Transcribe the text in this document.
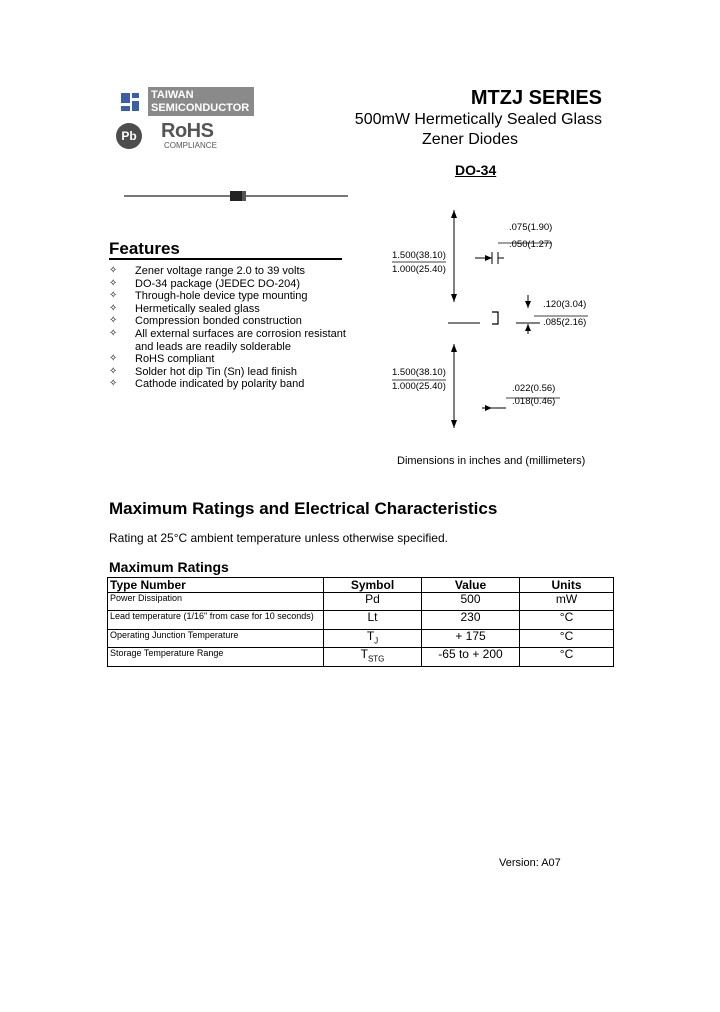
TAIWAN
SEMICONDUCTOR
Pb RoHS
COMPLIANCE
MTZJ SERIES
500mW Hermetically Sealed Glass
Zener Diodes
DO-34
Features
✧ Zener voltage range 2.0 to 39 volts
✧ DO-34 package (JEDEC DO-204)
✧ Through-hole device type mounting
✧ Hermetically sealed glass
✧ Compression bonded construction
✧ All external surfaces are corrosion resistant
and leads are readily solderable
✧ RoHS compliant
✧ Solder hot dip Tin (Sn) lead finish
✧ Cathode indicated by polarity band
1.500(38.10)
1.000(25.40)
.075(1.90)
.050(1.27)
.120(3.04)
.085(2.16)
1.500(38.10)
1.000(25.40)	.022(0.56)
.018(0.46)
Dimensions in inches and (millimeters)
Maximum Ratings and Electrical Characteristics
Rating at 25°C ambient temperature unless otherwise specified.
Maximum Ratings
Type Number	Symbol	Value	Units
Power Dissipation	Pd	500	mW
Lead temperature (1/16" from case for 10 seconds)	Lt	230	°C
Operating Junction Temperature	$T_J$	+ 175	°C
Storage Temperature Range	$T_{STG}$	-65 to + 200	°C
Version: A07
